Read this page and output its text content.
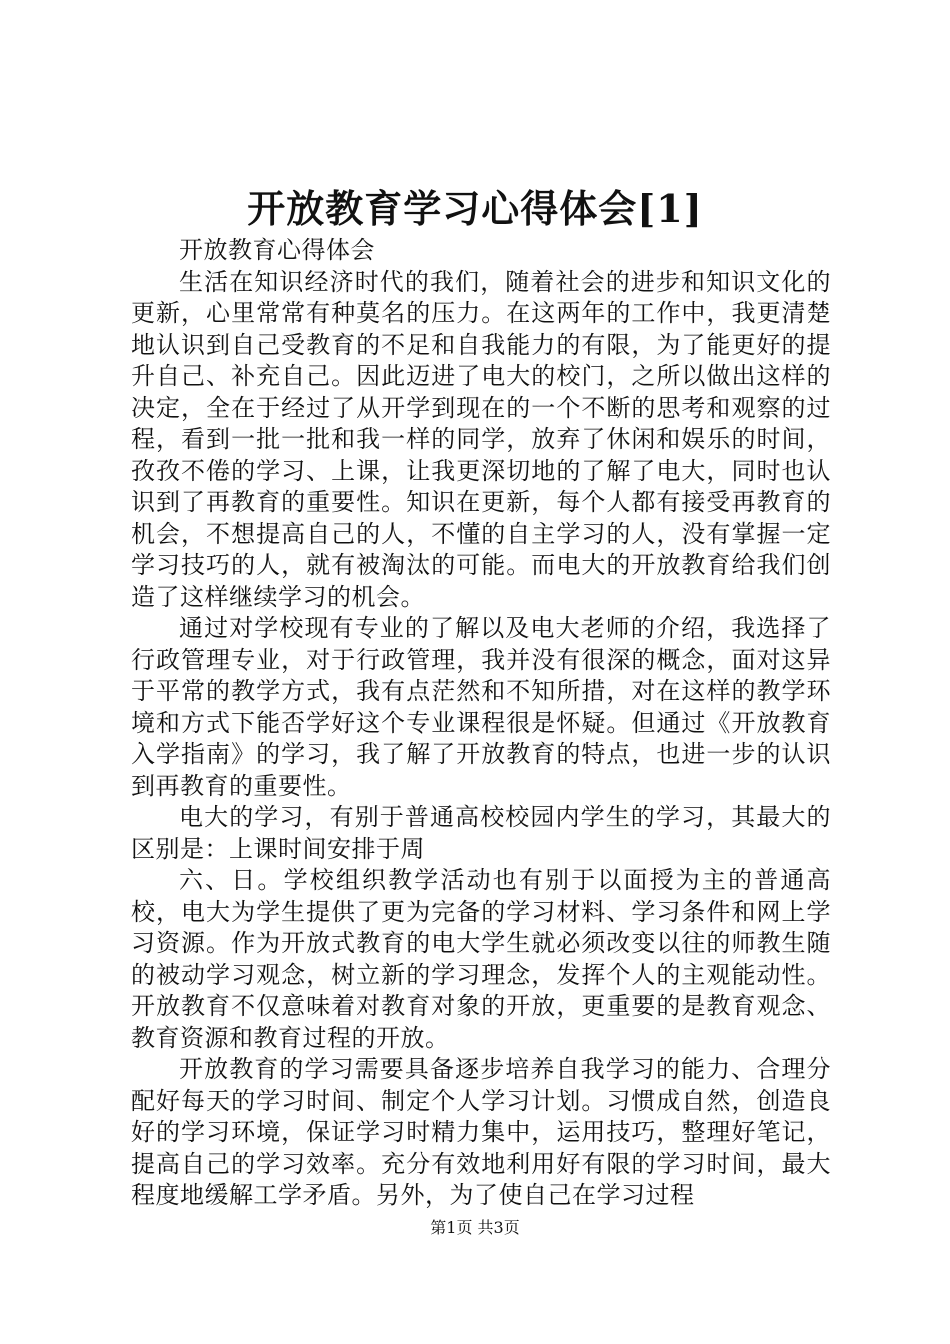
开放教育学习心得体会[1]

开放教育心得体会

生活在知识经济时代的我们，随着社会的进步和知识文化的更新，心里常常有种莫名的压力。在这两年的工作中，我更清楚地认识到自己受教育的不足和自我能力的有限，为了能更好的提升自己、补充自己。因此迈进了电大的校门，之所以做出这样的决定，全在于经过了从开学到现在的一个不断的思考和观察的过程，看到一批一批和我一样的同学，放弃了休闲和娱乐的时间，孜孜不倦的学习、上课，让我更深切地的了解了电大，同时也认识到了再教育的重要性。知识在更新，每个人都有接受再教育的机会，不想提高自己的人，不懂的自主学习的人，没有掌握一定学习技巧的人，就有被淘汰的可能。而电大的开放教育给我们创造了这样继续学习的机会。

通过对学校现有专业的了解以及电大老师的介绍，我选择了行政管理专业，对于行政管理，我并没有很深的概念，面对这异于平常的教学方式，我有点茫然和不知所措，对在这样的教学环境和方式下能否学好这个专业课程很是怀疑。但通过《开放教育入学指南》的学习，我了解了开放教育的特点，也进一步的认识到再教育的重要性。

电大的学习，有别于普通高校校园内学生的学习，其最大的区别是：上课时间安排于周

六、日。学校组织教学活动也有别于以面授为主的普通高校，电大为学生提供了更为完备的学习材料、学习条件和网上学习资源。作为开放式教育的电大学生就必须改变以往的师教生随的被动学习观念，树立新的学习理念，发挥个人的主观能动性。开放教育不仅意味着对教育对象的开放，更重要的是教育观念、教育资源和教育过程的开放。

开放教育的学习需要具备逐步培养自我学习的能力、合理分配好每天的学习时间、制定个人学习计划。习惯成自然，创造良好的学习环境，保证学习时精力集中，运用技巧，整理好笔记，提高自己的学习效率。充分有效地利用好有限的学习时间，最大程度地缓解工学矛盾。另外，为了使自己在学习过程

第1页 共3页
